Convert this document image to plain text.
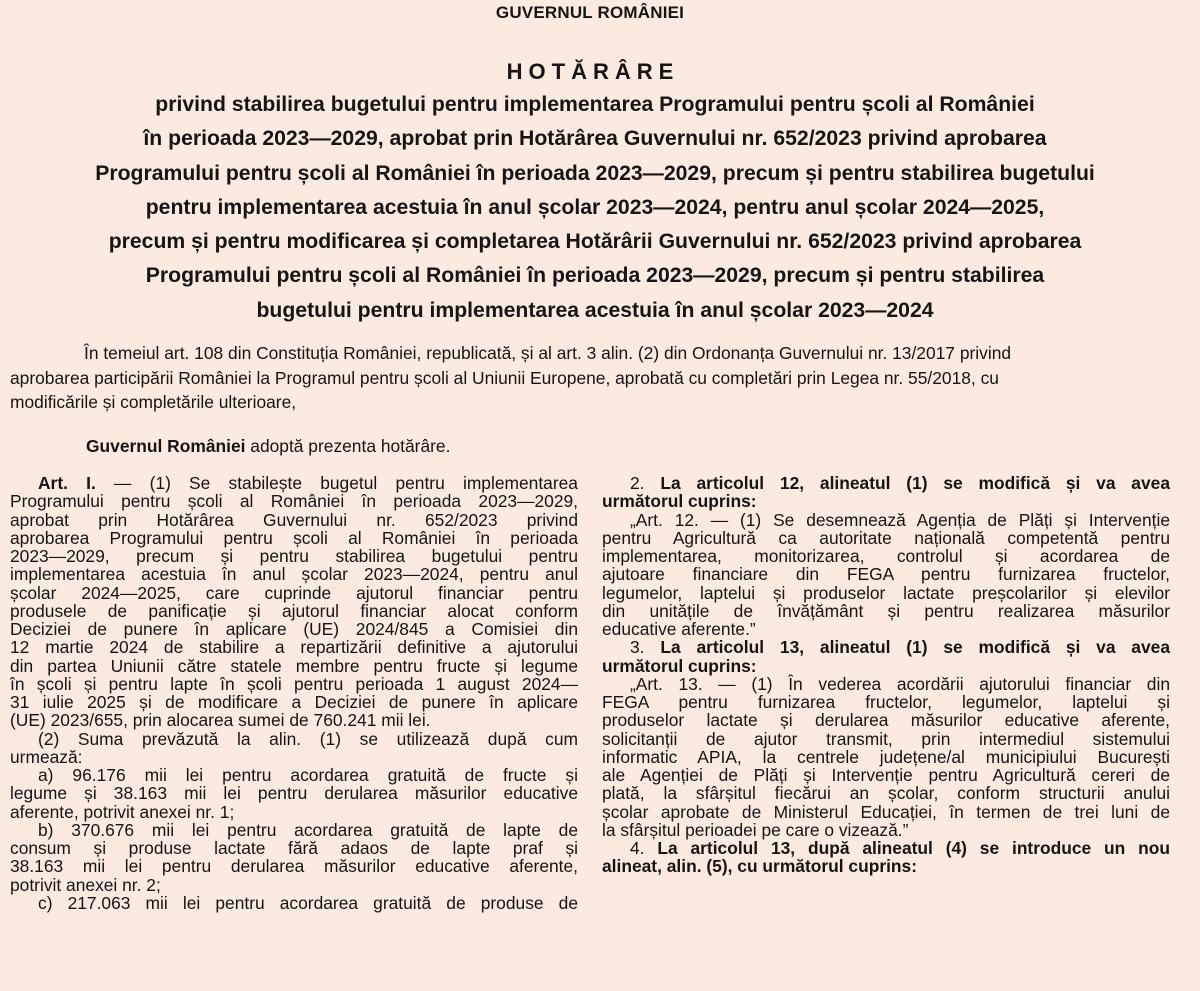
GUVERNUL ROMÂNIEI
HOTĂRÂRE
privind stabilirea bugetului pentru implementarea Programului pentru școli al României
în perioada 2023—2029, aprobat prin Hotărârea Guvernului nr. 652/2023 privind aprobarea
Programului pentru școli al României în perioada 2023—2029, precum și pentru stabilirea bugetului
pentru implementarea acestuia în anul școlar 2023—2024, pentru anul școlar 2024—2025,
precum și pentru modificarea și completarea Hotărârii Guvernului nr. 652/2023 privind aprobarea
Programului pentru școli al României în perioada 2023—2029, precum și pentru stabilirea
bugetului pentru implementarea acestuia în anul școlar 2023—2024
În temeiul art. 108 din Constituția României, republicată, și al art. 3 alin. (2) din Ordonanța Guvernului nr. 13/2017 privind
aprobarea participării României la Programul pentru școli al Uniunii Europene, aprobată cu completări prin Legea nr. 55/2018, cu
modificările și completările ulterioare,
Guvernul României adoptă prezenta hotărâre.
Art. I. — (1) Se stabilește bugetul pentru implementarea
Programului pentru școli al României în perioada 2023—2029,
aprobat prin Hotărârea Guvernului nr. 652/2023 privind
aprobarea Programului pentru școli al României în perioada
2023—2029, precum și pentru stabilirea bugetului pentru
implementarea acestuia în anul școlar 2023—2024, pentru anul
școlar 2024—2025, care cuprinde ajutorul financiar pentru
produsele de panificație și ajutorul financiar alocat conform
Deciziei de punere în aplicare (UE) 2024/845 a Comisiei din
12 martie 2024 de stabilire a repartizării definitive a ajutorului
din partea Uniunii către statele membre pentru fructe și legume
în școli și pentru lapte în școli pentru perioada 1 august 2024—
31 iulie 2025 și de modificare a Deciziei de punere în aplicare
(UE) 2023/655, prin alocarea sumei de 760.241 mii lei.
(2) Suma prevăzută la alin. (1) se utilizează după cum
urmează:
a) 96.176 mii lei pentru acordarea gratuită de fructe și
legume și 38.163 mii lei pentru derularea măsurilor educative
aferente, potrivit anexei nr. 1;
b) 370.676 mii lei pentru acordarea gratuită de lapte de
consum și produse lactate fără adaos de lapte praf și
38.163 mii lei pentru derularea măsurilor educative aferente,
potrivit anexei nr. 2;
c) 217.063 mii lei pentru acordarea gratuită de produse de
2. La articolul 12, alineatul (1) se modifică și va avea
următorul cuprins:
„Art. 12. — (1) Se desemnează Agenția de Plăți și Intervenție
pentru Agricultură ca autoritate națională competentă pentru
implementarea, monitorizarea, controlul și acordarea de
ajutoare financiare din FEGA pentru furnizarea fructelor,
legumelor, laptelui și produselor lactate preșcolarilor și elevilor
din unitățile de învățământ și pentru realizarea măsurilor
educative aferente.”
3. La articolul 13, alineatul (1) se modifică și va avea
următorul cuprins:
„Art. 13. — (1) În vederea acordării ajutorului financiar din
FEGA pentru furnizarea fructelor, legumelor, laptelui și
produselor lactate și derularea măsurilor educative aferente,
solicitanții de ajutor transmit, prin intermediul sistemului
informatic APIA, la centrele județene/al municipiului București
ale Agenției de Plăți și Intervenție pentru Agricultură cereri de
plată, la sfârșitul fiecărui an școlar, conform structurii anului
școlar aprobate de Ministerul Educației, în termen de trei luni de
la sfârșitul perioadei pe care o vizează.”
4. La articolul 13, după alineatul (4) se introduce un nou
alineat, alin. (5), cu următorul cuprins:
